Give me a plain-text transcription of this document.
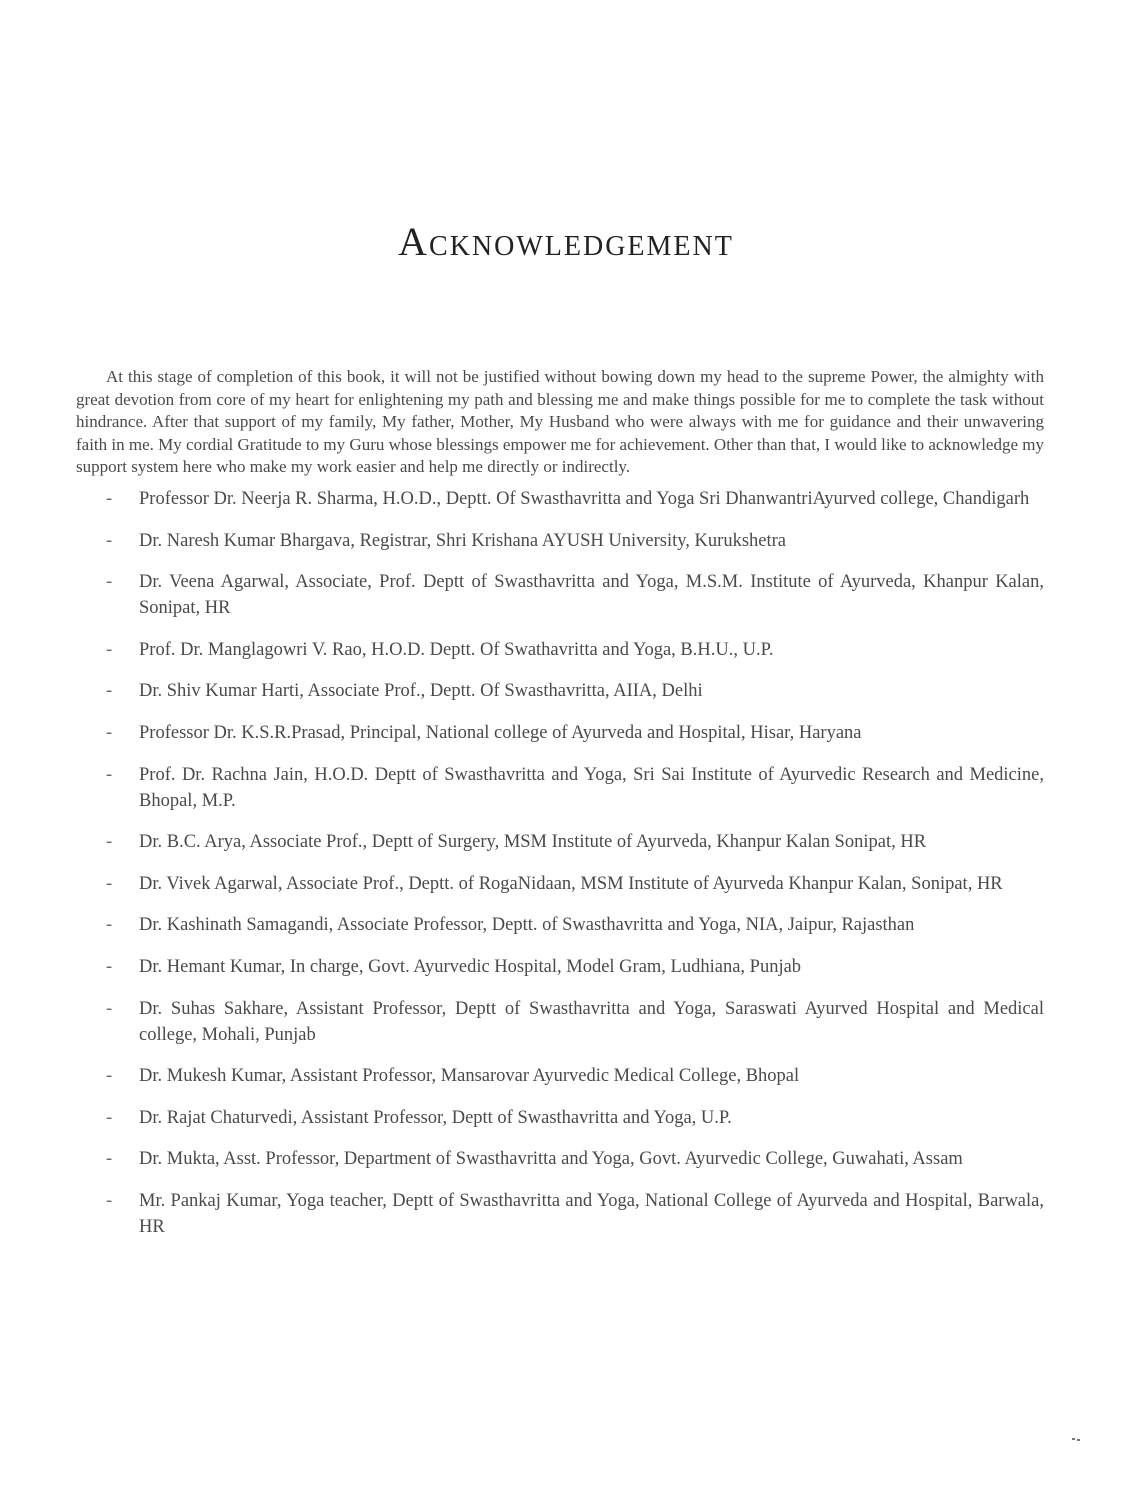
Acknowledgement

At this stage of completion of this book, it will not be justified without bowing down my head to the supreme Power, the almighty with great devotion from core of my heart for enlightening my path and blessing me and make things possible for me to complete the task without hindrance. After that support of my family, My father, Mother, My Husband who were always with me for guidance and their unwavering faith in me. My cordial Gratitude to my Guru whose blessings empower me for achievement. Other than that, I would like to acknowledge my support system here who make my work easier and help me directly or indirectly.

- Professor Dr. Neerja R. Sharma, H.O.D., Deptt. Of Swasthavritta and Yoga Sri DhanwantriAyurved college, Chandigarh
- Dr. Naresh Kumar Bhargava, Registrar, Shri Krishana AYUSH University, Kurukshetra
- Dr. Veena Agarwal, Associate, Prof. Deptt of Swasthavritta and Yoga, M.S.M. Institute of Ayurveda, Khanpur Kalan, Sonipat, HR
- Prof. Dr. Manglagowri V. Rao, H.O.D. Deptt. Of Swathavritta and Yoga, B.H.U., U.P.
- Dr. Shiv Kumar Harti, Associate Prof., Deptt. Of Swasthavritta, AIIA, Delhi
- Professor Dr. K.S.R.Prasad, Principal, National college of Ayurveda and Hospital, Hisar, Haryana
- Prof. Dr. Rachna Jain, H.O.D. Deptt of Swasthavritta and Yoga, Sri Sai Institute of Ayurvedic Research and Medicine, Bhopal, M.P.
- Dr. B.C. Arya, Associate Prof., Deptt of Surgery, MSM Institute of Ayurveda, Khanpur Kalan Sonipat, HR
- Dr. Vivek Agarwal, Associate Prof., Deptt. of RogaNidaan, MSM Institute of Ayurveda Khanpur Kalan, Sonipat, HR
- Dr. Kashinath Samagandi, Associate Professor, Deptt. of Swasthavritta and Yoga, NIA, Jaipur, Rajasthan
- Dr. Hemant Kumar, In charge, Govt. Ayurvedic Hospital, Model Gram, Ludhiana, Punjab
- Dr. Suhas Sakhare, Assistant Professor, Deptt of Swasthavritta and Yoga, Saraswati Ayurved Hospital and Medical college, Mohali, Punjab
- Dr. Mukesh Kumar, Assistant Professor, Mansarovar Ayurvedic Medical College, Bhopal
- Dr. Rajat Chaturvedi, Assistant Professor, Deptt of Swasthavritta and Yoga, U.P.
- Dr. Mukta, Asst. Professor, Department of Swasthavritta and Yoga, Govt. Ayurvedic College, Guwahati, Assam
- Mr. Pankaj Kumar, Yoga teacher, Deptt of Swasthavritta and Yoga, National College of Ayurveda and Hospital, Barwala, HR
